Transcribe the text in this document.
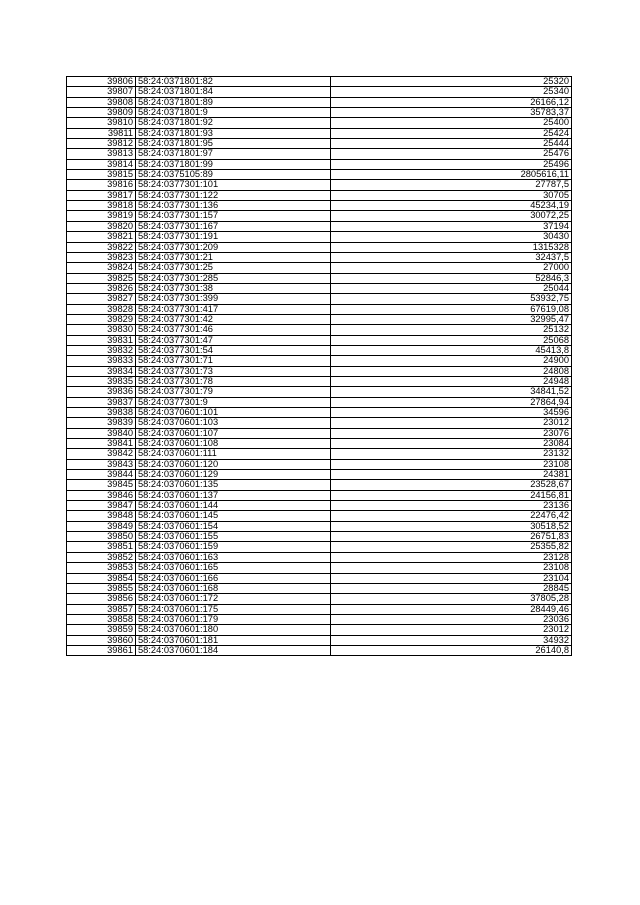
39806	58:24:0371801:82	25320
39807	58:24:0371801:84	25340
39808	58:24:0371801:89	26166,12
39809	58:24:0371801:9	35783,37
39810	58:24:0371801:92	25400
39811	58:24:0371801:93	25424
39812	58:24:0371801:95	25444
39813	58:24:0371801:97	25476
39814	58:24:0371801:99	25496
39815	58:24:0375105:89	2805616,11
39816	58:24:0377301:101	27787,5
39817	58:24:0377301:122	30705
39818	58:24:0377301:136	45234,19
39819	58:24:0377301:157	30072,25
39820	58:24:0377301:167	37194
39821	58:24:0377301:191	30430
39822	58:24:0377301:209	1315328
39823	58:24:0377301:21	32437,5
39824	58:24:0377301:25	27000
39825	58:24:0377301:285	52846,3
39826	58:24:0377301:38	25044
39827	58:24:0377301:399	53932,75
39828	58:24:0377301:417	67619,08
39829	58:24:0377301:42	32995,47
39830	58:24:0377301:46	25132
39831	58:24:0377301:47	25068
39832	58:24:0377301:54	45413,8
39833	58:24:0377301:71	24900
39834	58:24:0377301:73	24808
39835	58:24:0377301:78	24948
39836	58:24:0377301:79	34841,52
39837	58:24:0377301:9	27864,94
39838	58:24:0370601:101	34596
39839	58:24:0370601:103	23012
39840	58:24:0370601:107	23076
39841	58:24:0370601:108	23084
39842	58:24:0370601:111	23132
39843	58:24:0370601:120	23108
39844	58:24:0370601:129	24381
39845	58:24:0370601:135	23528,67
39846	58:24:0370601:137	24156,81
39847	58:24:0370601:144	23136
39848	58:24:0370601:145	22476,42
39849	58:24:0370601:154	30518,52
39850	58:24:0370601:155	26751,83
39851	58:24:0370601:159	25355,82
39852	58:24:0370601:163	23128
39853	58:24:0370601:165	23108
39854	58:24:0370601:166	23104
39855	58:24:0370601:168	28845
39856	58:24:0370601:172	37805,28
39857	58:24:0370601:175	28449,46
39858	58:24:0370601:179	23036
39859	58:24:0370601:180	23012
39860	58:24:0370601:181	34932
39861	58:24:0370601:184	26140,8
